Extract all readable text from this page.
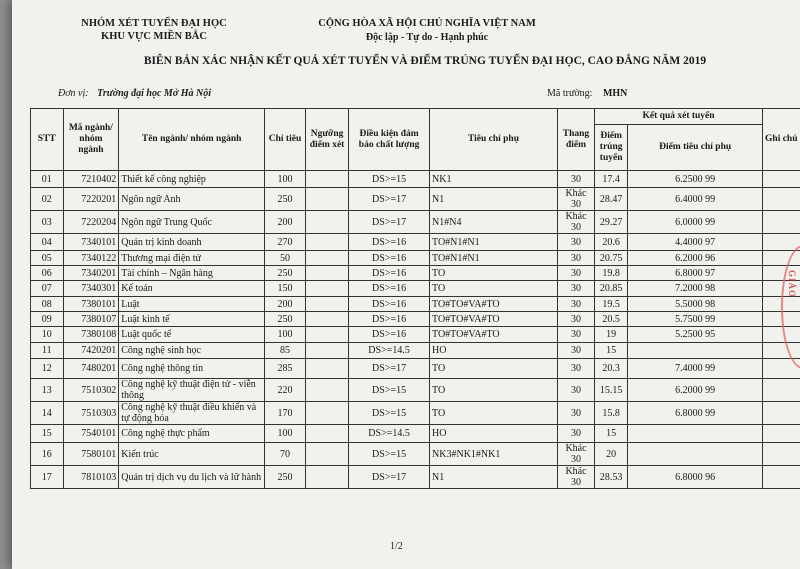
NHÓM XÉT TUYỂN ĐẠI HỌC
KHU VỰC MIỀN BẮC
CỘNG HÒA XÃ HỘI CHỦ NGHĨA VIỆT NAM
Độc lập - Tự do - Hạnh phúc
BIÊN BẢN XÁC NHẬN KẾT QUẢ XÉT TUYỂN VÀ ĐIỂM TRÚNG TUYỂN ĐẠI HỌC, CAO ĐẲNG NĂM 2019
Đơn vị: Trường đại học Mở Hà Nội	Mã trường: MHN
STT	Mã ngành/ nhóm ngành	Tên ngành/ nhóm ngành	Chỉ tiêu	Ngưỡng điểm xét	Điều kiện đảm bảo chất lượng	Tiêu chí phụ	Thang điểm	Kết quả xét tuyển		Ghi chú
								Điểm trúng tuyển	Điểm tiêu chí phụ	
01	7210402	Thiết kế công nghiệp	100		DS>=15	NK1	30	17.4	6.2500 99	
02	7220201	Ngôn ngữ Anh	250		DS>=17	N1	Khác 30	28.47	6.4000 99	
03	7220204	Ngôn ngữ Trung Quốc	200		DS>=17	N1#N4	Khác 30	29.27	6.0000 99	
04	7340101	Quản trị kinh doanh	270		DS>=16	TO#N1#N1	30	20.6	4.4000 97	
05	7340122	Thương mại điện tử	50		DS>=16	TO#N1#N1	30	20.75	6.2000 96	
06	7340201	Tài chính – Ngân hàng	250		DS>=16	TO	30	19.8	6.8000 97	
07	7340301	Kế toán	150		DS>=16	TO	30	20.85	7.2000 98	
08	7380101	Luật	200		DS>=16	TO#TO#VA#TO	30	19.5	5.5000 98	
09	7380107	Luật kinh tế	250		DS>=16	TO#TO#VA#TO	30	20.5	5.7500 99	
10	7380108	Luật quốc tế	100		DS>=16	TO#TO#VA#TO	30	19	5.2500 95	
11	7420201	Công nghệ sinh học	85		DS>=14.5	HO	30	15		
12	7480201	Công nghệ thông tin	285		DS>=17	TO	30	20.3	7.4000 99	
13	7510302	Công nghệ kỹ thuật điện tử - viễn thông	220		DS>=15	TO	30	15.15	6.2000 99	
14	7510303	Công nghệ kỹ thuật điều khiển và tự động hóa	170		DS>=15	TO	30	15.8	6.8000 99	
15	7540101	Công nghệ thực phẩm	100		DS>=14.5	HO	30	15		
16	7580101	Kiến trúc	70		DS>=15	NK3#NK1#NK1	Khác 30	20		
17	7810103	Quản trị dịch vụ du lịch và lữ hành	250		DS>=17	N1	Khác 30	28.53	6.8000 96	
GIÁO
1/2
